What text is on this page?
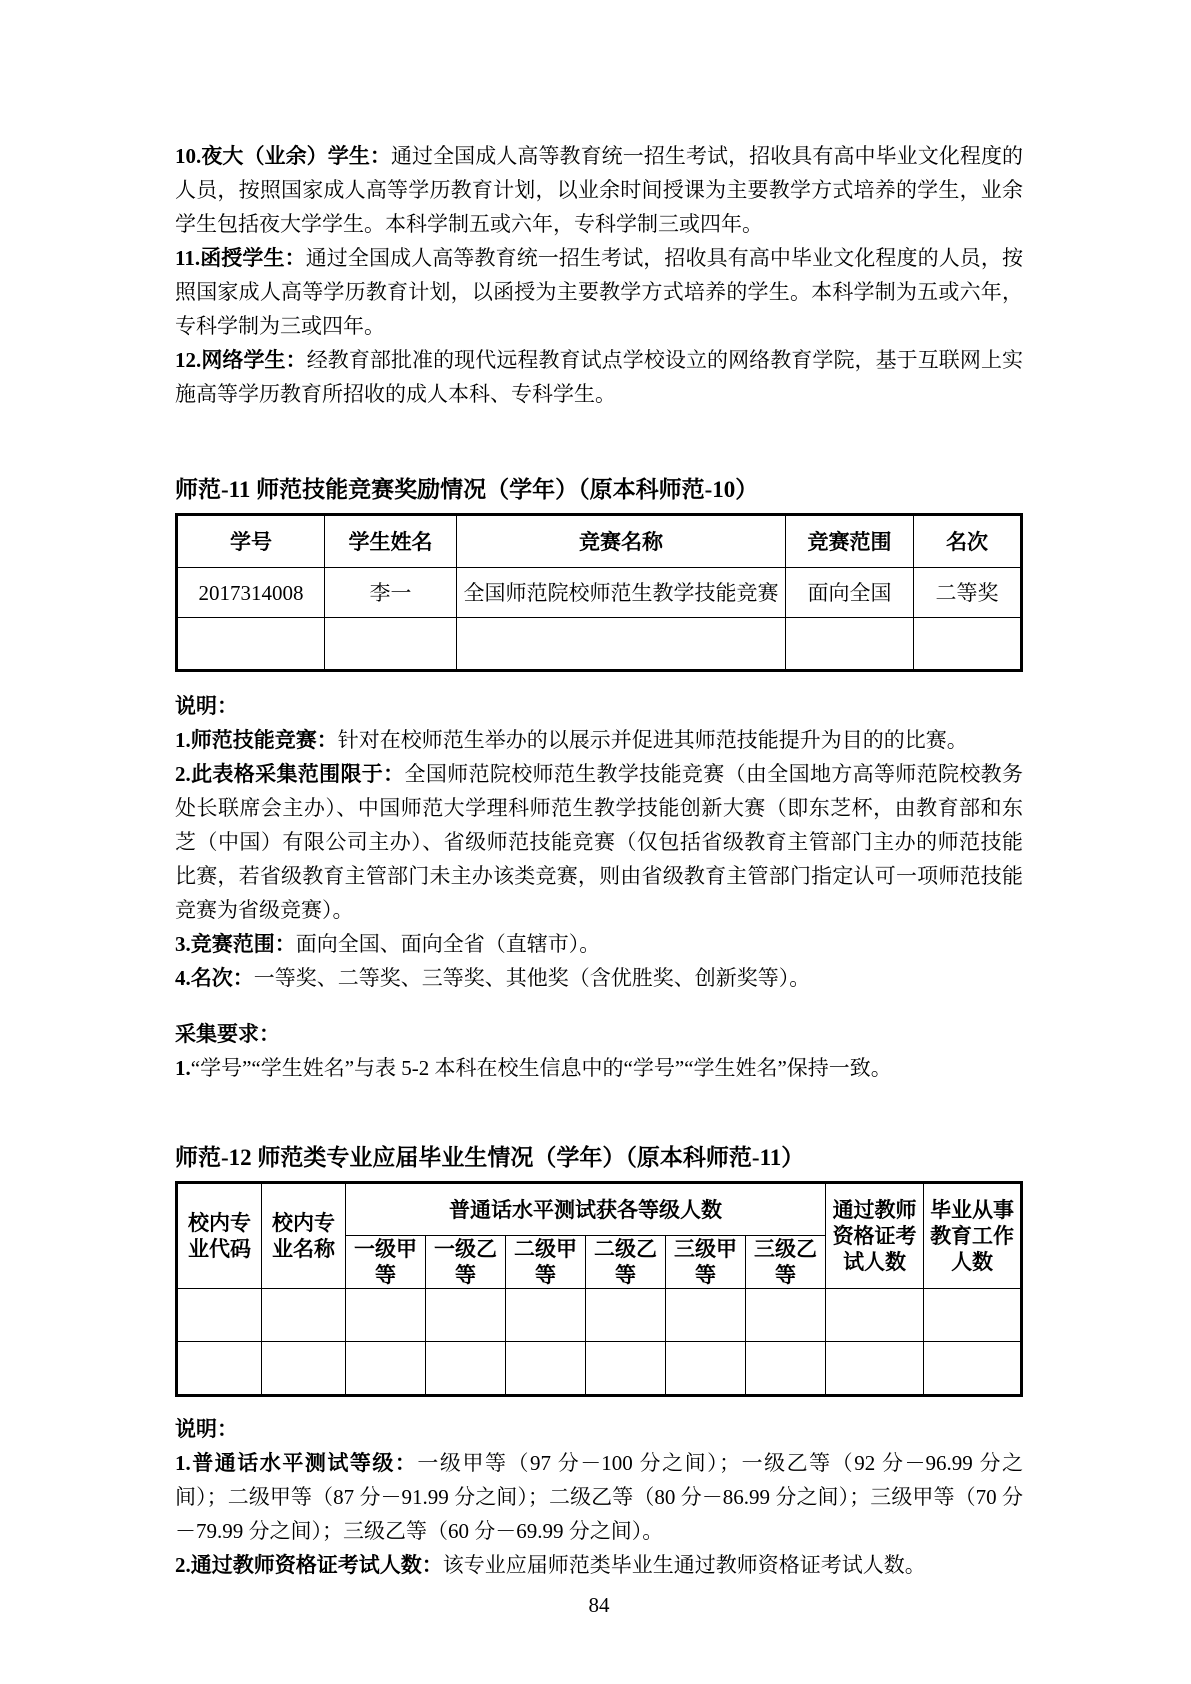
10.夜大（业余）学生：通过全国成人高等教育统一招生考试，招收具有高中毕业文化程度的人员，按照国家成人高等学历教育计划，以业余时间授课为主要教学方式培养的学生，业余学生包括夜大学学生。本科学制五或六年，专科学制三或四年。

11.函授学生：通过全国成人高等教育统一招生考试，招收具有高中毕业文化程度的人员，按照国家成人高等学历教育计划，以函授为主要教学方式培养的学生。本科学制为五或六年，专科学制为三或四年。

12.网络学生：经教育部批准的现代远程教育试点学校设立的网络教育学院，基于互联网上实施高等学历教育所招收的成人本科、专科学生。

师范-11 师范技能竞赛奖励情况（学年）（原本科师范-10）

学号	学生姓名	竞赛名称	竞赛范围	名次
2017314008	李一	全国师范院校师范生教学技能竞赛	面向全国	二等奖

说明：

1.师范技能竞赛：针对在校师范生举办的以展示并促进其师范技能提升为目的的比赛。

2.此表格采集范围限于：全国师范院校师范生教学技能竞赛（由全国地方高等师范院校教务处长联席会主办）、中国师范大学理科师范生教学技能创新大赛（即东芝杯，由教育部和东芝（中国）有限公司主办）、省级师范技能竞赛（仅包括省级教育主管部门主办的师范技能比赛，若省级教育主管部门未主办该类竞赛，则由省级教育主管部门指定认可一项师范技能竞赛为省级竞赛）。

3.竞赛范围：面向全国、面向全省（直辖市）。

4.名次：一等奖、二等奖、三等奖、其他奖（含优胜奖、创新奖等）。

采集要求：

1.“学号”“学生姓名”与表 5-2 本科在校生信息中的“学号”“学生姓名”保持一致。

师范-12 师范类专业应届毕业生情况（学年）（原本科师范-11）

校内专业代码	校内专业名称	普通话水平测试获各等级人数						通过教师资格证考试人数	毕业从事教育工作人数
		一级甲等	一级乙等	二级甲等	二级乙等	三级甲等	三级乙等		

说明：

1.普通话水平测试等级：一级甲等（97 分－100 分之间）；一级乙等（92 分－96.99 分之间）；二级甲等（87 分－91.99 分之间）；二级乙等（80 分－86.99 分之间）；三级甲等（70 分－79.99 分之间）；三级乙等（60 分－69.99 分之间）。

2.通过教师资格证考试人数：该专业应届师范类毕业生通过教师资格证考试人数。

84
